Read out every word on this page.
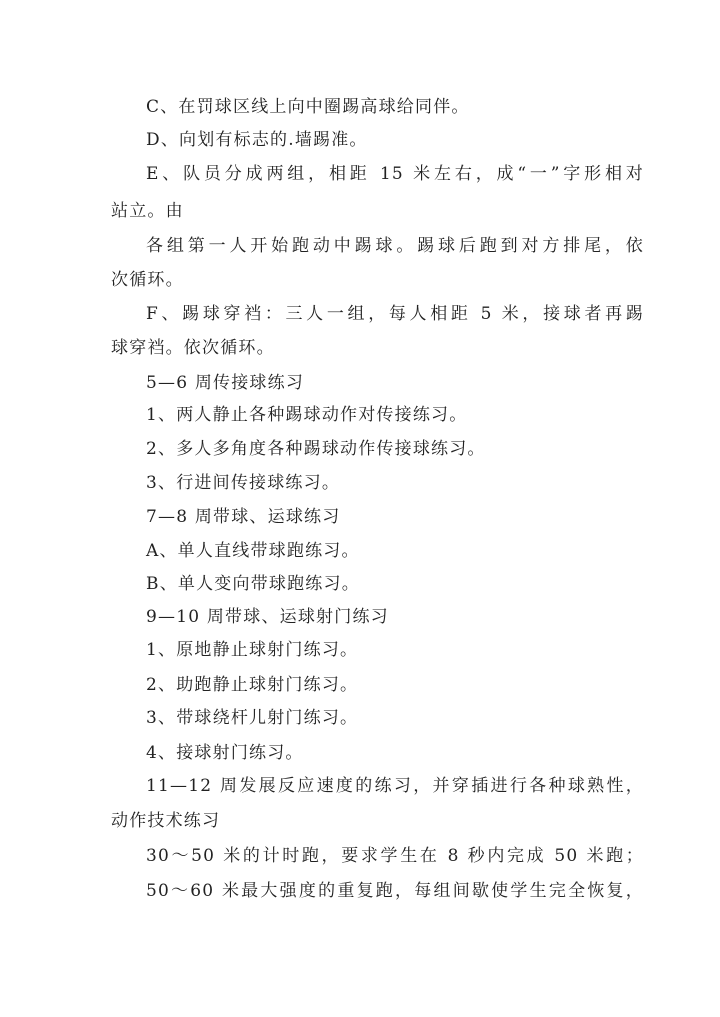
C、在罚球区线上向中圈踢高球给同伴。
D、向划有标志的.墙踢准。
E、队员分成两组，相距 15 米左右，成“一”字形相对
站立。由
各组第一人开始跑动中踢球。踢球后跑到对方排尾，依
次循环。
F、踢球穿裆：三人一组，每人相距 5 米，接球者再踢
球穿裆。依次循环。
5—6 周传接球练习
1、两人静止各种踢球动作对传接练习。
2、多人多角度各种踢球动作传接球练习。
3、行进间传接球练习。
7—8 周带球、运球练习
A、单人直线带球跑练习。
B、单人变向带球跑练习。
9—10 周带球、运球射门练习
1、原地静止球射门练习。
2、助跑静止球射门练习。
3、带球绕杆儿射门练习。
4、接球射门练习。
11—12 周发展反应速度的练习，并穿插进行各种球熟性，
动作技术练习
30～50 米的计时跑，要求学生在 8 秒内完成 50 米跑；
50～60 米最大强度的重复跑，每组间歇使学生完全恢复，
